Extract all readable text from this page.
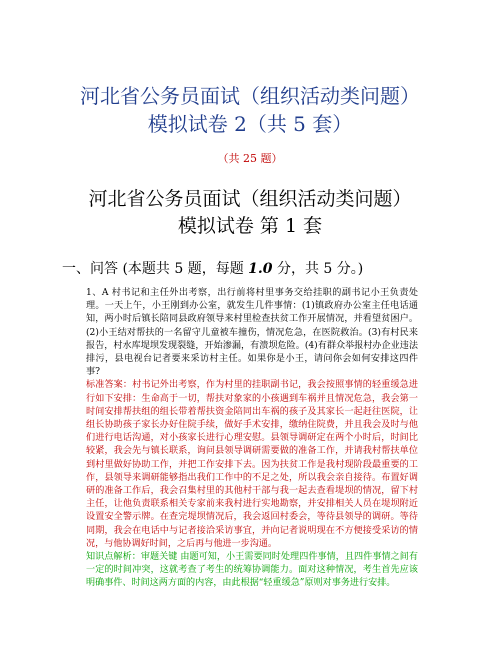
河北省公务员面试（组织活动类问题）
模拟试卷 2（共 5 套）
（共 25 题）
河北省公务员面试（组织活动类问题）
模拟试卷 第 1 套
一、问答 (本题共 5 题，每题 1.0 分，共 5 分。)
1、A 村书记和主任外出考察，出行前将村里事务交给挂职的副书记小王负责处理。一天上午，小王刚到办公室，就发生几件事情：(1)镇政府办公室主任电话通知，两小时后镇长陪同县政府领导来村里检查扶贫工作开展情况，并看望贫困户。(2)小王结对帮扶的一名留守儿童被车撞伤，情况危急，在医院救治。(3)有村民来报告，村水库堤坝发现裂缝，开始渗漏，有溃坝危险。(4)有群众举报村办企业违法排污，县电视台记者要来采访村主任。如果你是小王，请问你会如何安排这四件事?
标准答案：村书记外出考察，作为村里的挂职副书记，我会按照事情的轻重缓急进行如下安排：生命高于一切，帮扶对象家的小孩遇到车祸并且情况危急，我会第一时间安排帮扶组的组长带着帮扶资金陪同出车祸的孩子及其家长一起赶往医院，让组长协助孩子家长办好住院手续，做好手术安排，缴纳住院费，并且我会及时与他们进行电话沟通，对小孩家长进行心理安慰。县领导调研定在两个小时后，时间比较紧，我会先与镇长联系，询问县领导调研需要做的准备工作，并请我村帮扶单位到村里做好协助工作，并把工作安排下去。因为扶贫工作是我村现阶段最重要的工作，县领导来调研能够指出我们工作中的不足之处，所以我会亲自接待。布置好调研的准备工作后，我会召集村里的其他村干部与我一起去查看堤坝的情况，留下村主任，让他负责联系相关专家前来我村进行实地勘察，并安排相关人员在堤坝附近设置安全警示牌。在查完堤坝情况后，我会返回村委会，等待县领导的调研。等待同期，我会在电话中与记者接洽采访事宜，并向记者说明现在不方便接受采访的情况，与他协调好时间，之后再与他进一步沟通。
知识点解析：审题关键 由题可知，小王需要同时处理四件事情，且四件事情之间有一定的时间冲突，这就考查了考生的统筹协调能力。面对这种情况，考生首先应该明确事件、时间这两方面的内容，由此根据“轻重缓急”原则对事务进行安排。
